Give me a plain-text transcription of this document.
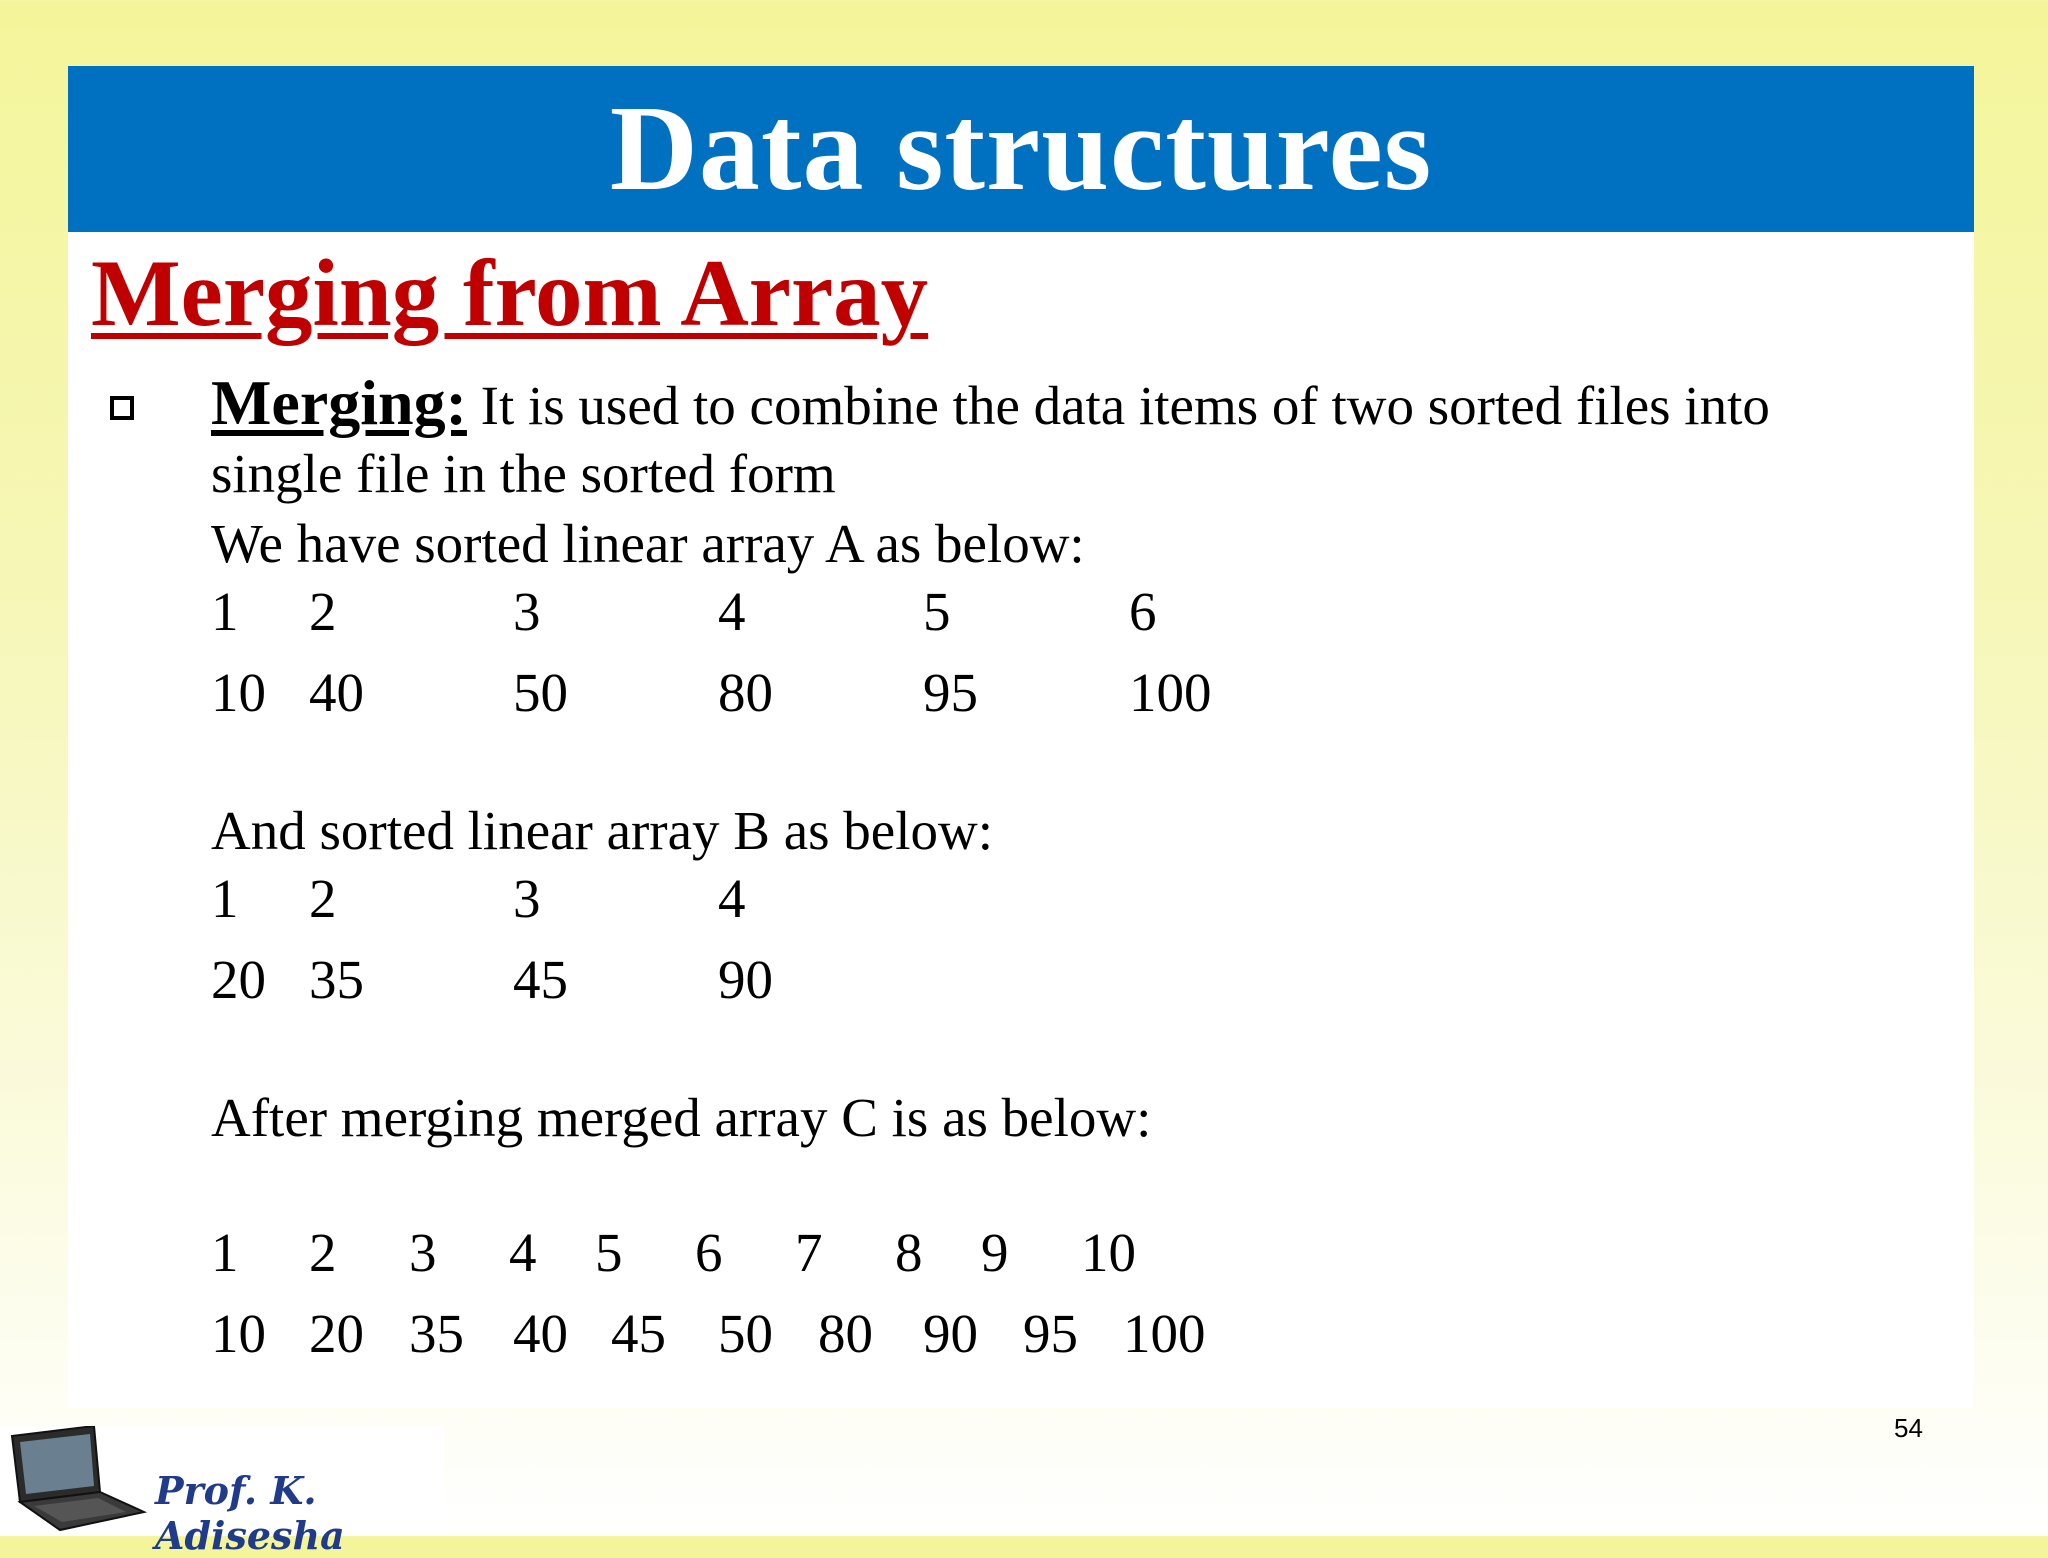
Data structures
Merging from Array
Merging: It is used to combine the data items of two sorted files into
single file in the sorted form
We have sorted linear array A as below:
1 2	3	4	5	6
10 40	50	80	95	100
And sorted linear array B as below:
1 2	3	4
20 35	45	90
After merging merged array C is as below:
1 2 3 4 5 6 7 8 9 10
10 20 35 40 45 50 80 90 95 100
54
Prof. K. Adisesha
